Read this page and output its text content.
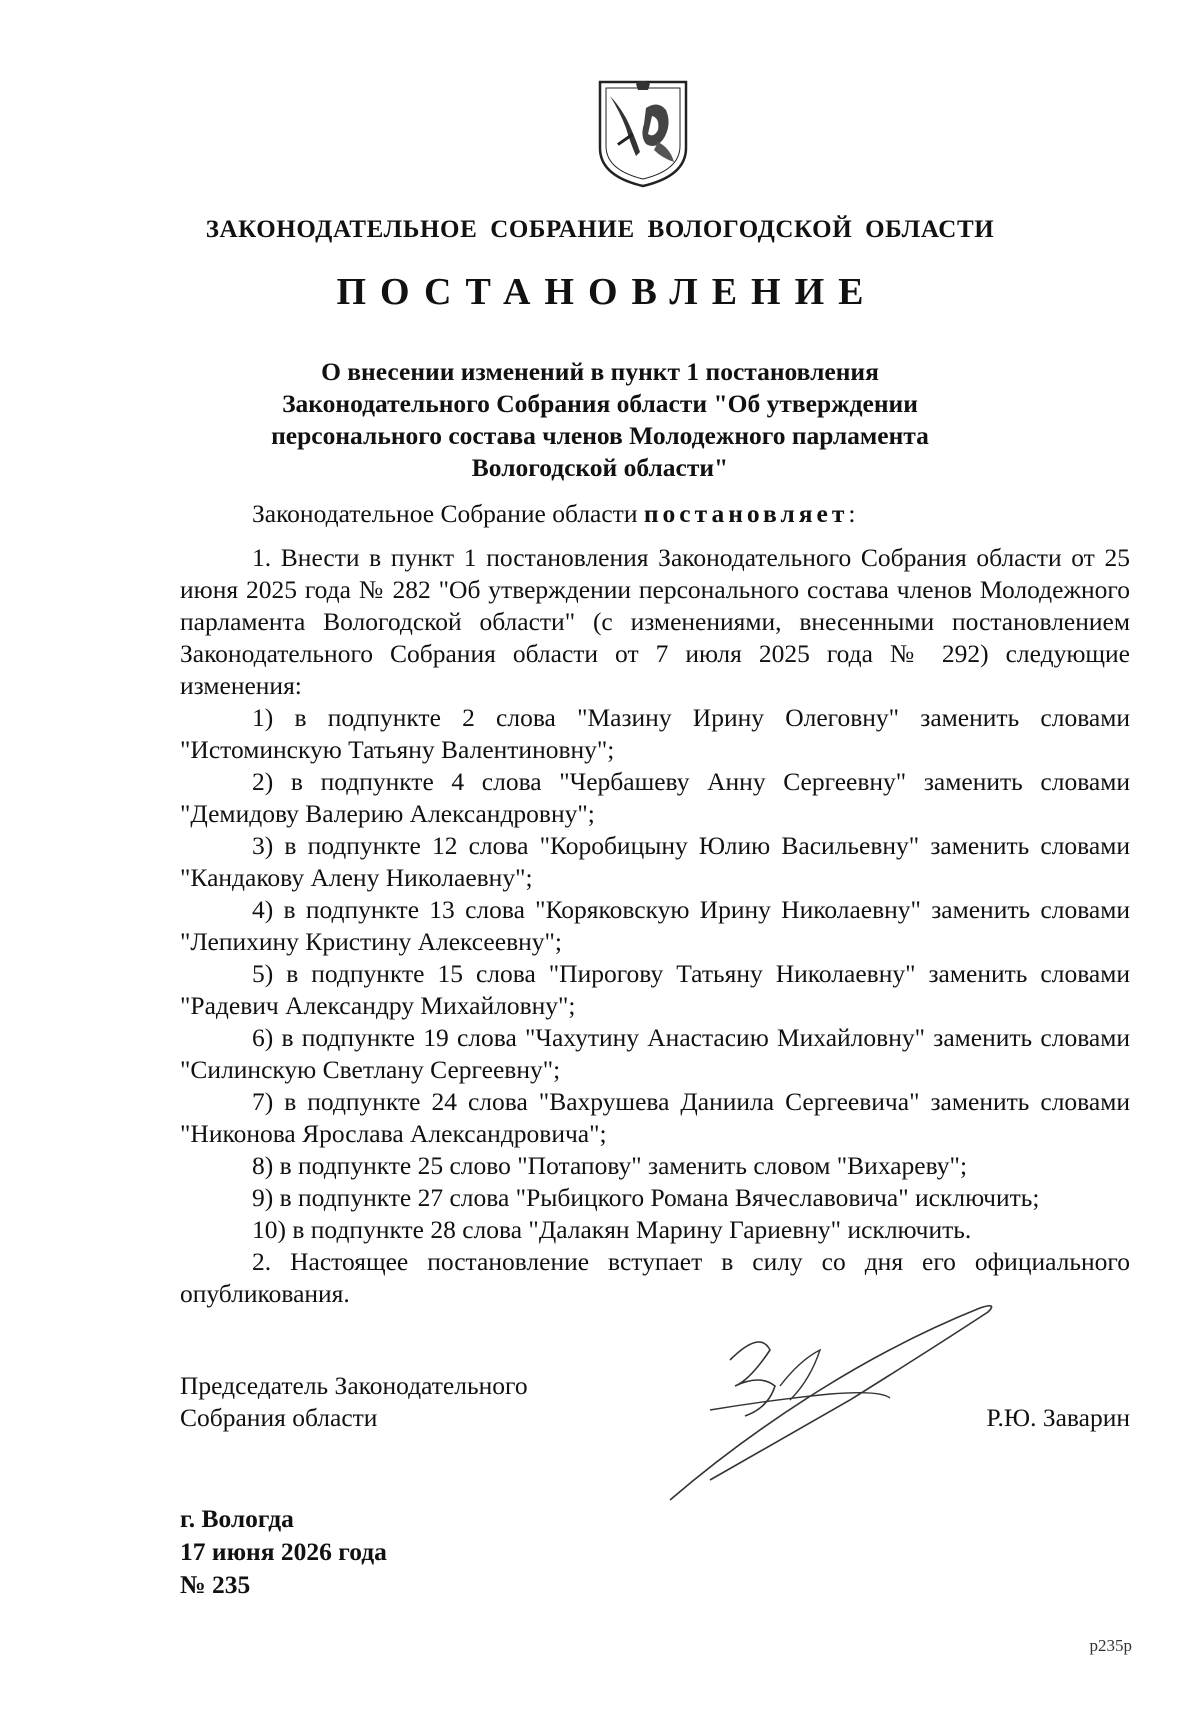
ЗАКОНОДАТЕЛЬНОЕ СОБРАНИЕ ВОЛОГОДСКОЙ ОБЛАСТИ
ПОСТАНОВЛЕНИЕ
О внесении изменений в пункт 1 постановления
Законодательного Собрания области "Об утверждении
персонального состава членов Молодежного парламента
Вологодской области"

Законодательное Собрание области постановляет:

1. Внести в пункт 1 постановления Законодательного Собрания области от 25 июня 2025 года № 282 "Об утверждении персонального состава членов Молодежного парламента Вологодской области" (с изменениями, внесенными постановлением Законодательного Собрания области от 7 июля 2025 года № 292) следующие изменения:

1) в подпункте 2 слова "Мазину Ирину Олеговну" заменить словами "Истоминскую Татьяну Валентиновну";

2) в подпункте 4 слова "Чербашеву Анну Сергеевну" заменить словами "Демидову Валерию Александровну";

3) в подпункте 12 слова "Коробицыну Юлию Васильевну" заменить словами "Кандакову Алену Николаевну";

4) в подпункте 13 слова "Коряковскую Ирину Николаевну" заменить словами "Лепихину Кристину Алексеевну";

5) в подпункте 15 слова "Пирогову Татьяну Николаевну" заменить словами "Радевич Александру Михайловну";

6) в подпункте 19 слова "Чахутину Анастасию Михайловну" заменить словами "Силинскую Светлану Сергеевну";

7) в подпункте 24 слова "Вахрушева Даниила Сергеевича" заменить словами "Никонова Ярослава Александровича";

8) в подпункте 25 слово "Потапову" заменить словом "Вихареву";

9) в подпункте 27 слова "Рыбицкого Романа Вячеславовича" исключить;

10) в подпункте 28 слова "Далакян Марину Гариевну" исключить.

2. Настоящее постановление вступает в силу со дня его официального опубликования.

Председатель Законодательного
Собрания области	Р.Ю. Заварин
г. Вологда
17 июня 2026 года
№ 235
р235р
